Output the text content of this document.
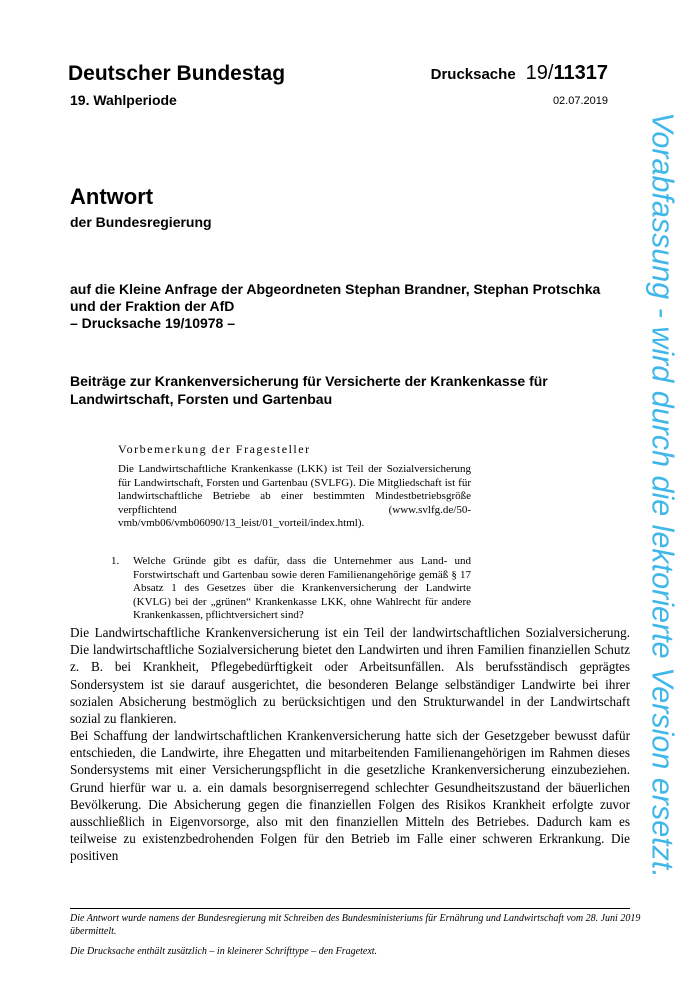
Deutscher Bundestag
19. Wahlperiode
Drucksache 19/11317
02.07.2019
Antwort
der Bundesregierung
auf die Kleine Anfrage der Abgeordneten Stephan Brandner, Stephan Protschka
und der Fraktion der AfD
– Drucksache 19/10978 –
Beiträge zur Krankenversicherung für Versicherte der Krankenkasse für
Landwirtschaft, Forsten und Gartenbau
Vorbemerkung der Fragesteller
Die Landwirtschaftliche Krankenkasse (LKK) ist Teil der Sozialversicherung für Landwirtschaft, Forsten und Gartenbau (SVLFG). Die Mitgliedschaft ist für landwirtschaftliche Betriebe ab einer bestimmten Mindestbetriebsgröße verpflichtend (www.svlfg.de/50-vmb/vmb06/vmb06090/13_leist/01_vorteil/index.html).
1. Welche Gründe gibt es dafür, dass die Unternehmer aus Land- und Forstwirtschaft und Gartenbau sowie deren Familienangehörige gemäß § 17 Absatz 1 des Gesetzes über die Krankenversicherung der Landwirte (KVLG) bei der „grünen“ Krankenkasse LKK, ohne Wahlrecht für andere Krankenkassen, pflichtversichert sind?
Die Landwirtschaftliche Krankenversicherung ist ein Teil der landwirtschaftlichen Sozialversicherung. Die landwirtschaftliche Sozialversicherung bietet den Landwirten und ihren Familien finanziellen Schutz z. B. bei Krankheit, Pflegebedürftigkeit oder Arbeitsunfällen. Als berufsständisch geprägtes Sondersystem ist sie darauf ausgerichtet, die besonderen Belange selbständiger Landwirte bei ihrer sozialen Absicherung bestmöglich zu berücksichtigen und den Strukturwandel in der Landwirtschaft sozial zu flankieren.
Bei Schaffung der landwirtschaftlichen Krankenversicherung hatte sich der Gesetzgeber bewusst dafür entschieden, die Landwirte, ihre Ehegatten und mitarbeitenden Familienangehörigen im Rahmen dieses Sondersystems mit einer Versicherungspflicht in die gesetzliche Krankenversicherung einzubeziehen. Grund hierfür war u. a. ein damals besorgniserregend schlechter Gesundheitszustand der bäuerlichen Bevölkerung. Die Absicherung gegen die finanziellen Folgen des Risikos Krankheit erfolgte zuvor ausschließlich in Eigenvorsorge, also mit den finanziellen Mitteln des Betriebes. Dadurch kam es teilweise zu existenzbedrohenden Folgen für den Betrieb im Falle einer schweren Erkrankung. Die positiven
Die Antwort wurde namens der Bundesregierung mit Schreiben des Bundesministeriums für Ernährung und Landwirtschaft vom 28. Juni 2019 übermittelt.
Die Drucksache enthält zusätzlich – in kleinerer Schrifttype – den Fragetext.
Vorabfassung - wird durch die lektorierte Version ersetzt.
